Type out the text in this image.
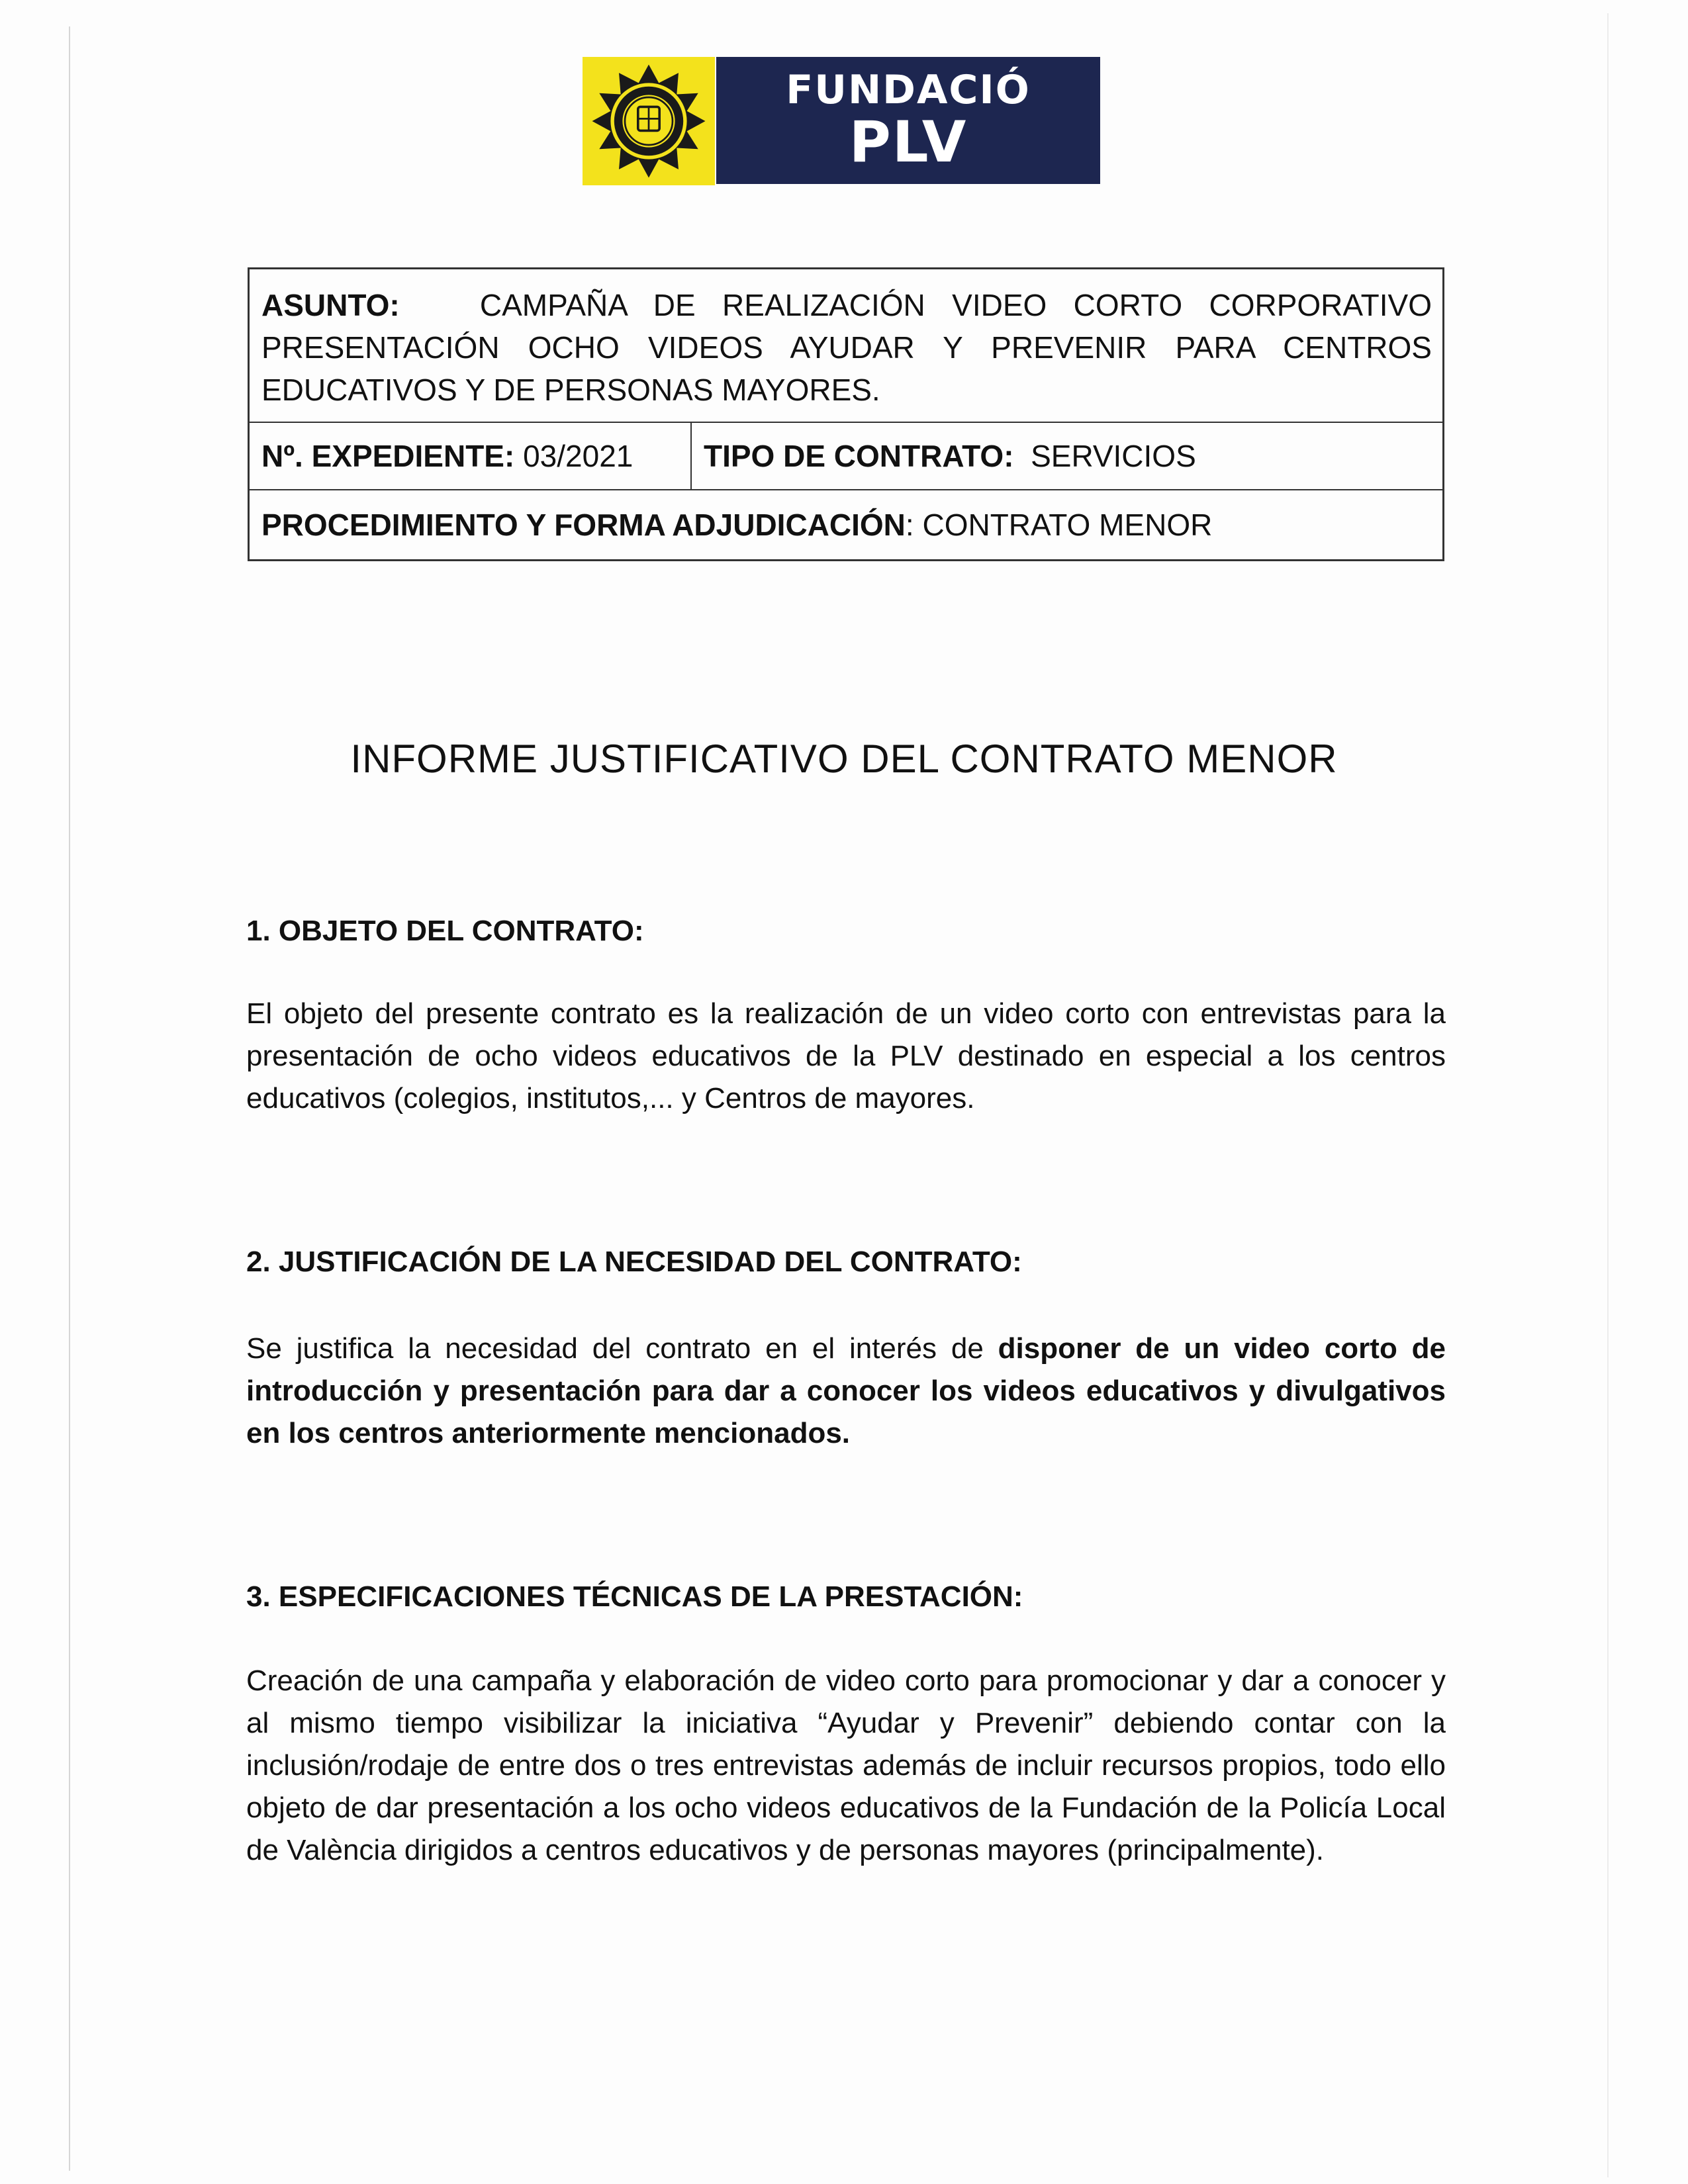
FUNDACIÓ
PLV
ASUNTO:	CAMPAÑA DE REALIZACIÓN VIDEO CORTO CORPORATIVO PRESENTACIÓN OCHO VIDEOS AYUDAR Y PREVENIR PARA CENTROS EDUCATIVOS Y DE PERSONAS MAYORES.
Nº. EXPEDIENTE:
03/2021 TIPO DE CONTRATO:
SERVICIOS
PROCEDIMIENTO Y FORMA ADJUDICACIÓN : CONTRATO MENOR
INFORME JUSTIFICATIVO DEL CONTRATO MENOR
1. OBJETO DEL CONTRATO:
El objeto del presente contrato es la realización de un video corto con entrevistas para la presentación de ocho videos educativos de la PLV destinado en especial a los centros educativos (colegios, institutos,... y Centros de mayores.
2. JUSTIFICACIÓN DE LA NECESIDAD DEL CONTRATO:
Se justifica la necesidad del contrato en el interés de disponer de un video corto de introducción y presentación para dar a conocer los videos educativos y divulgativos en los centros anteriormente mencionados.
3. ESPECIFICACIONES TÉCNICAS DE LA PRESTACIÓN:
Creación de una campaña y elaboración de video corto para promocionar y dar a conocer y al mismo tiempo visibilizar la iniciativa “Ayudar y Prevenir” debiendo contar con la inclusión/rodaje de entre dos o tres entrevistas además de incluir recursos propios, todo ello objeto de dar presentación a los ocho videos educativos de la Fundación de la Policía Local de València dirigidos a centros educativos y de personas mayores (principalmente).
